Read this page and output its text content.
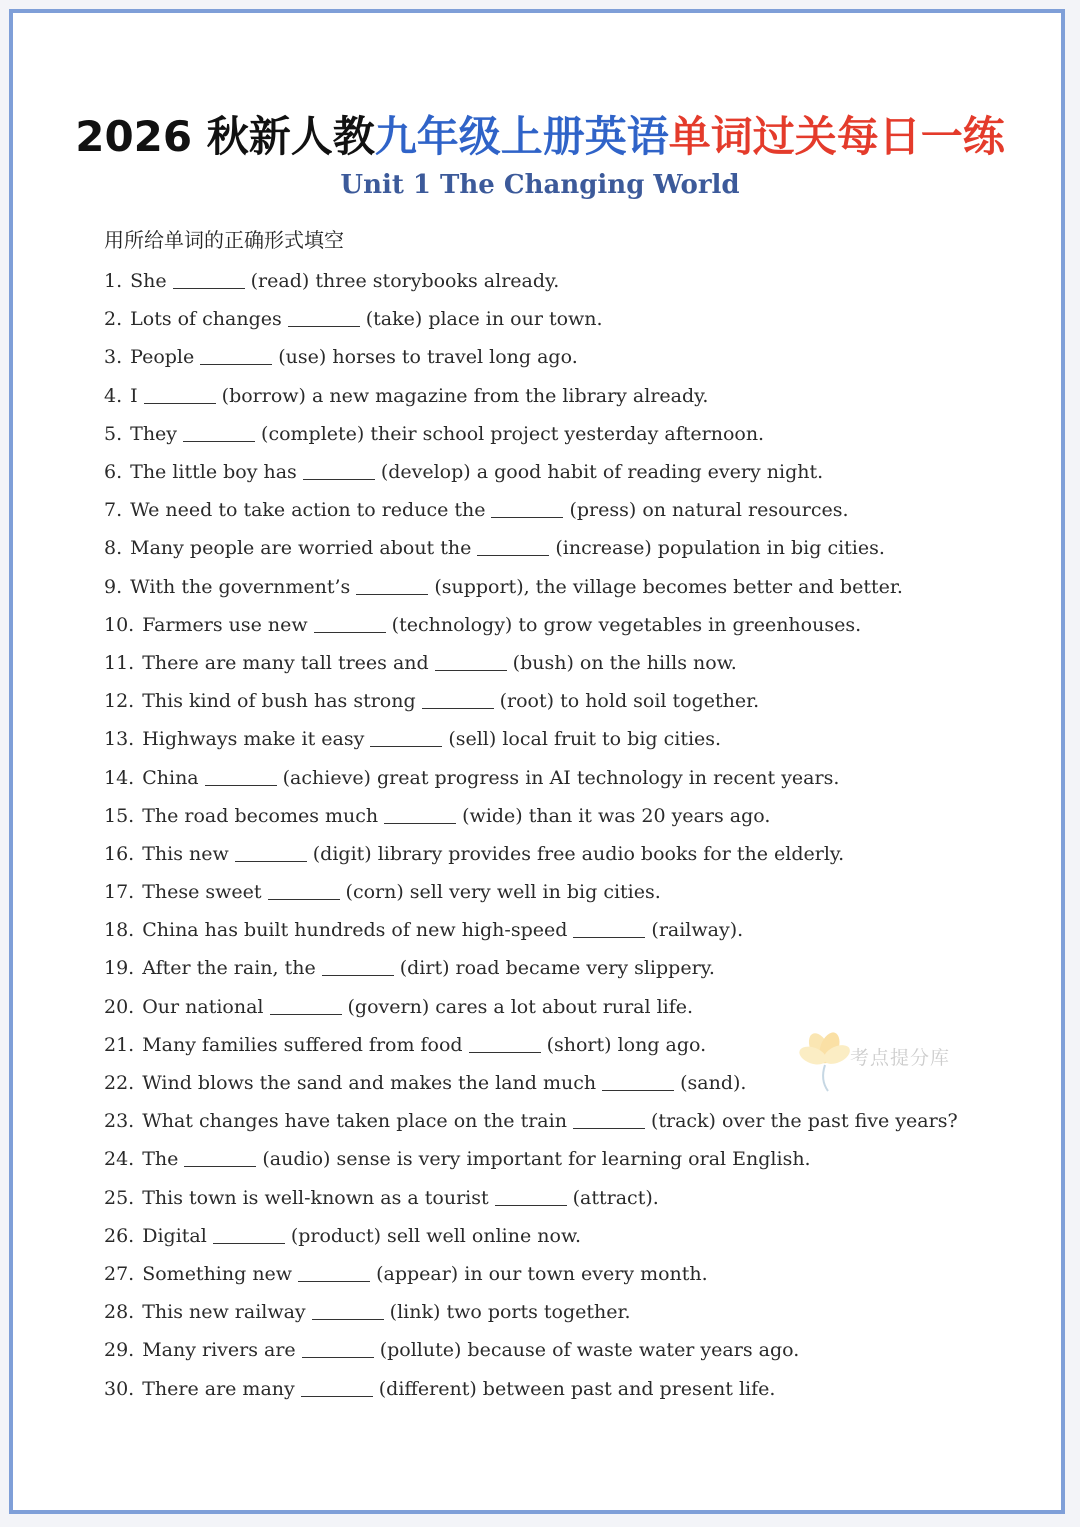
2026 秋新人教九年级上册英语单词过关每日一练
Unit 1 The Changing World
用所给单词的正确形式填空
1. She	(read) three storybooks already.
2. Lots of changes	(take) place in our town.
3. People	(use) horses to travel long ago.
4. I	(borrow) a new magazine from the library already.
5. They	(complete) their school project yesterday afternoon.
6. The little boy has	(develop) a good habit of reading every night.
7. We need to take action to reduce the	(press) on natural resources.
8. Many people are worried about the	(increase) population in big cities.
9. With the government’s	(support), the village becomes better and better.
10. Farmers use new	(technology) to grow vegetables in greenhouses.
11. There are many tall trees and	(bush) on the hills now.
12. This kind of bush has strong	(root) to hold soil together.
13. Highways make it easy	(sell) local fruit to big cities.
14. China	(achieve) great progress in AI technology in recent years.
15. The road becomes much	(wide) than it was 20 years ago.
16. This new	(digit) library provides free audio books for the elderly.
17. These sweet	(corn) sell very well in big cities.
18. China has built hundreds of new high-speed	(railway).
19. After the rain, the	(dirt) road became very slippery.
20. Our national	(govern) cares a lot about rural life.
21. Many families suffered from food	(short) long ago.
22. Wind blows the sand and makes the land much	(sand).
23. What changes have taken place on the train	(track) over the past five years?
24. The	(audio) sense is very important for learning oral English.
25. This town is well-known as a tourist	(attract).
26. Digital	(product) sell well online now.
27. Something new	(appear) in our town every month.
28. This new railway	(link) two ports together.
29. Many rivers are	(pollute) because of waste water years ago.
30. There are many	(different) between past and present life.
考点提分库
